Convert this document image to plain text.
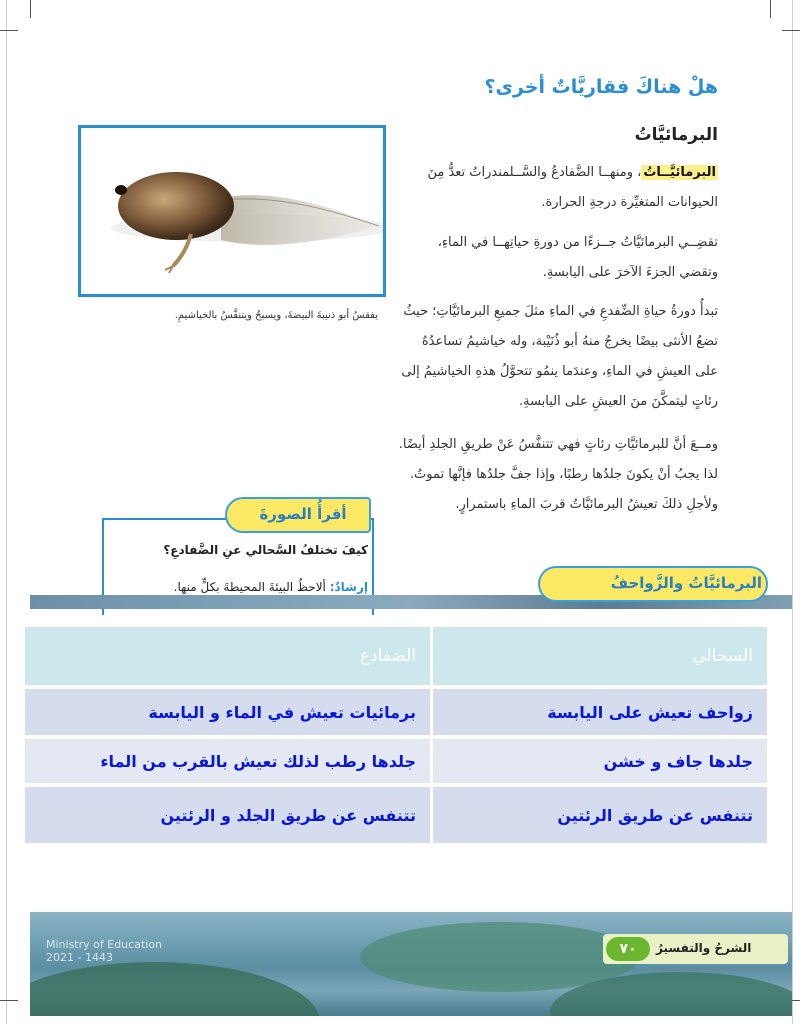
هلْ هناكَ فقاريَّاتٌ أخرى؟
البرمائيَّاتُ
البرمائيَّــاتُ، ومنهــا الضَّفادعُ والسَّــلمندراتُ تعدُّ مِنَ الحيوانات المتغيِّرة درجةِ الحرارة.
تقضِــي البرمائيَّاتُ جــزءًا من دورةِ حياتِهــا في الماءِ، وتقضي الجزءَ الآخرَ على اليابسةِ.
تبدأُ دورةُ حياةِ الضِّفدعِ في الماءِ مثلَ جميعِ البرمائيَّاتِ؛ حيثُ تضعُ الأنثى بيضًا يخرجُ منهُ أبو ذُنَيْبة، وله خياشيمُ تساعدُهُ على العيشِ في الماءِ، وعندَما ينمُو تتحوَّلُ هذهِ الخياشيمُ إلى رئاتٍ ليتمكَّنَ منَ العيشِ على اليابسةِ.
ومــعَ أنَّ للبرمائيَّاتِ رئاتٍ فهي تتنفَّسُ عَنْ طريقِ الجلدِ أيضًا. لذا يجبُ أنْ يكونَ جلدُها رطبًا، وإذا جفَّ جلدُها فإنَّها تموتُ. ولأجلِ ذلكَ تعيشُ البرمائيَّاتُ قربَ الماءِ باستمرارٍ.
يفقسُ أبو ذنيبةَ البيضةَ، ويسبحُ ويتنفَّسُ بالخياشيمِ.
أقرأُ الصورةَ
كيفَ تختلفُ السَّحالي عنِ الضَّفادعِ؟
إرشادٌ: ألاحظُ البيئةَ المحيطةَ بكلٍّ منها.	البرمائيَّاتُ والزَّواحفُ
السحالي
الضفادع
زواحف تعيش على اليابسة
برمائيات تعيش في الماء و اليابسة
جلدها جاف و خشن
جلدها رطب لذلك تعيش بالقرب من الماء
تتنفس عن طريق الرئتين
تتنفس عن طريق الجلد و الرئتين
Ministry of Education
2021 - 1443
٧٠	الشرحُ والتفسيرُ
